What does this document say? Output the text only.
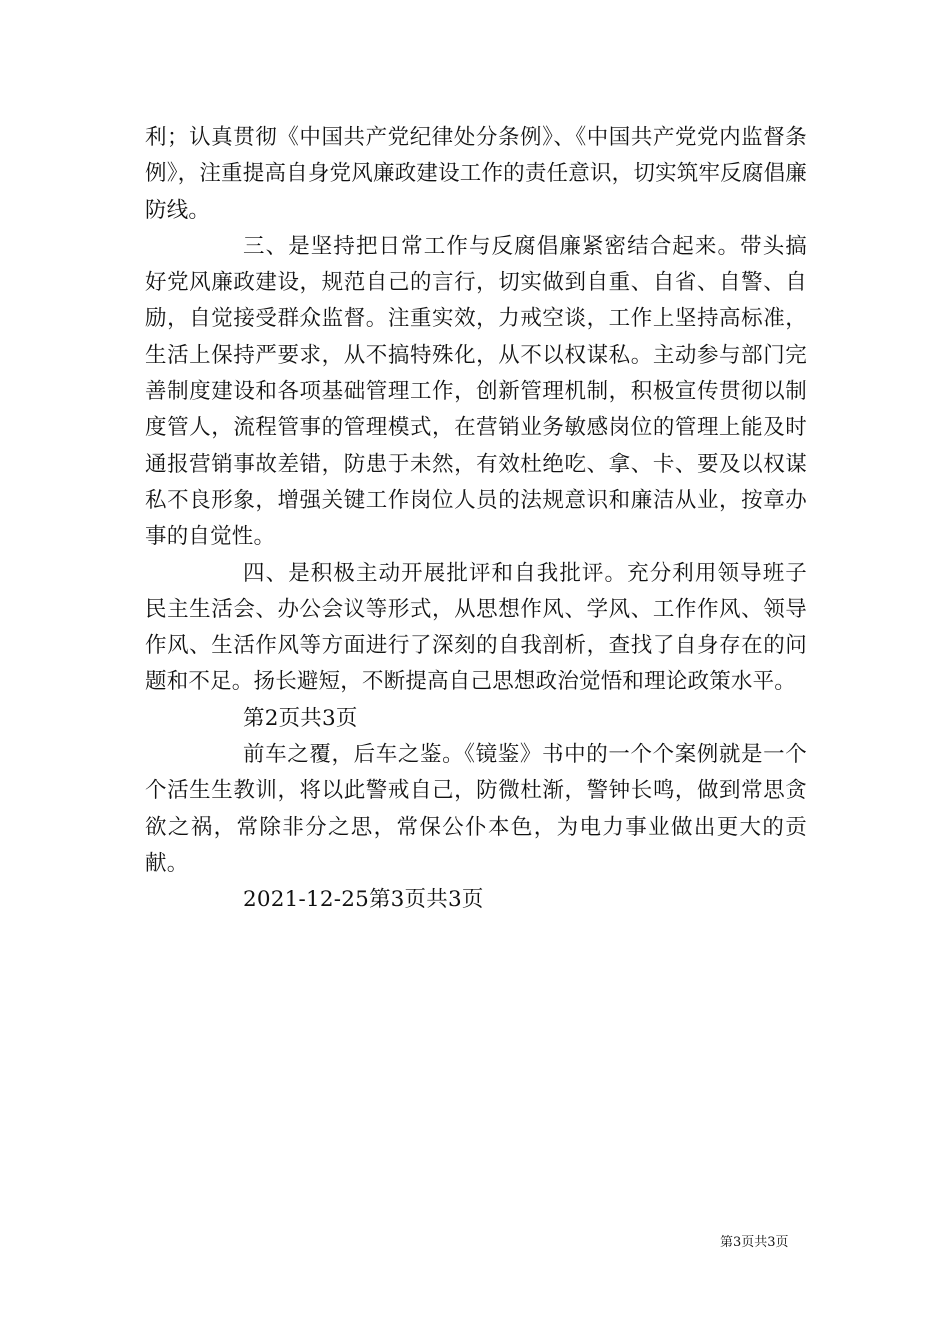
利；认真贯彻《中国共产党纪律处分条例》、《中国共产党党内监督条例》，注重提高自身党风廉政建设工作的责任意识，切实筑牢反腐倡廉防线。

三、是坚持把日常工作与反腐倡廉紧密结合起来。带头搞好党风廉政建设，规范自己的言行，切实做到自重、自省、自警、自励，自觉接受群众监督。注重实效，力戒空谈，工作上坚持高标准，生活上保持严要求，从不搞特殊化，从不以权谋私。主动参与部门完善制度建设和各项基础管理工作，创新管理机制，积极宣传贯彻以制度管人，流程管事的管理模式，在营销业务敏感岗位的管理上能及时通报营销事故差错，防患于未然，有效杜绝吃、拿、卡、要及以权谋私不良形象，增强关键工作岗位人员的法规意识和廉洁从业，按章办事的自觉性。

四、是积极主动开展批评和自我批评。充分利用领导班子民主生活会、办公会议等形式，从思想作风、学风、工作作风、领导作风、生活作风等方面进行了深刻的自我剖析，查找了自身存在的问题和不足。扬长避短，不断提高自己思想政治觉悟和理论政策水平。

第2页共3页

前车之覆，后车之鉴。《镜鉴》书中的一个个案例就是一个个活生生教训，将以此警戒自己，防微杜渐，警钟长鸣，做到常思贪欲之祸，常除非分之思，常保公仆本色，为电力事业做出更大的贡献。

2021-12-25第3页共3页

第3页共3页
